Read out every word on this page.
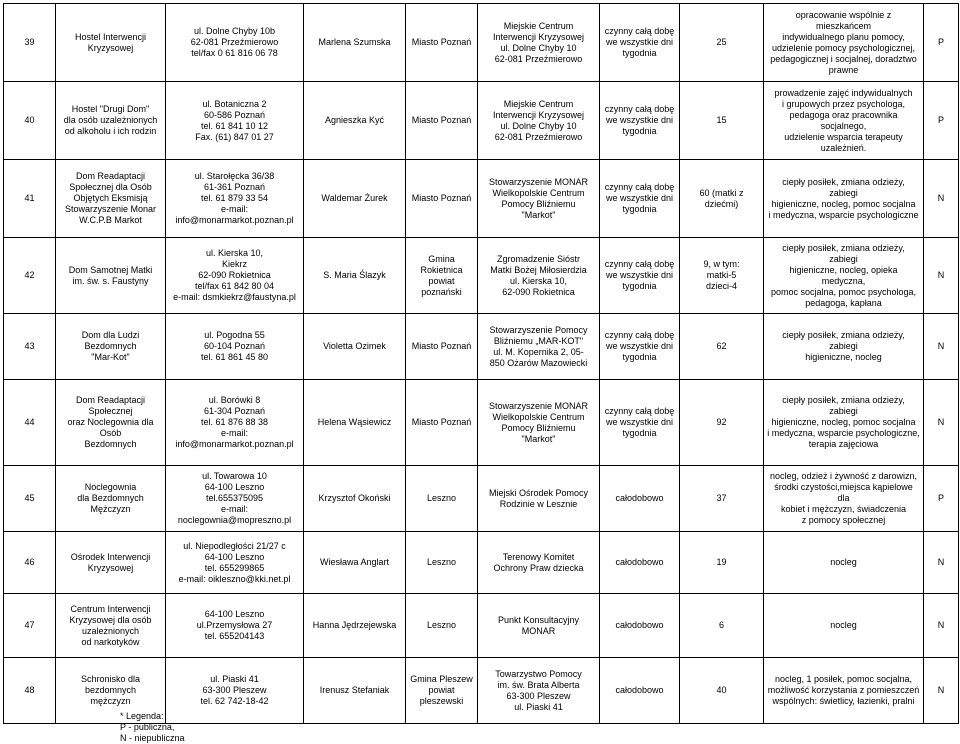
39	Hostel Interwencji
Kryzysowej	ul. Dolne Chyby 10b
62-081 Przeźmierowo
tel/fax 0 61 816 06 78	Marlena Szumska	Miasto Poznań	Miejskie Centrum
Interwencji Kryzysowej
ul. Dolne Chyby 10
62-081 Przeźmierowo	czynny całą dobę
we wszystkie dni
tygodnia	25	opracowanie wspólnie z mieszkańcem
indywidualnego planu pomocy,
udzielenie pomocy psychologicznej,
pedagogicznej i socjalnej, doradztwo
prawne	P
40	Hostel "Drugi Dom"
dla osób uzależnionych
od alkoholu i ich rodzin	ul. Botaniczna 2
60-586 Poznań
tel. 61 841 10 12
Fax. (61) 847 01 27	Agnieszka Kyć	Miasto Poznań	Miejskie Centrum
Interwencji Kryzysowej
ul. Dolne Chyby 10
62-081 Przeźmierowo	czynny całą dobę
we wszystkie dni
tygodnia	15	prowadzenie zajęć indywidualnych
i grupowych przez psychologa,
pedagoga oraz pracownika socjalnego,
udzielenie wsparcia terapeuty
uzależnień.	P
41	Dom Readaptacji
Społecznej dla Osób
Objętych Eksmisją
Stowarzyszenie Monar
W.C.P.B Markot	ul. Starołęcka 36/38
61-361 Poznań
tel. 61 879 33 54
e-mail:
info@monarmarkot.poznan.pl	Waldemar Żurek	Miasto Poznań	Stowarzyszenie MONAR
Wielkopolskie Centrum
Pomocy Bliźniemu
"Markot"	czynny całą dobę
we wszystkie dni
tygodnia	60 (matki z dziećmi)	ciepły posiłek, zmiana odzieży, zabiegi
higieniczne, nocleg, pomoc socjalna
i medyczna, wsparcie psychologiczne	N
42	Dom Samotnej Matki
im. św. s. Faustyny	ul. Kierska 10,
Kiekrz
62-090 Rokietnica
tel/fax 61 842 80 04
e-mail: dsmkiekrz@faustyna.pl	S. Maria Ślazyk	Gmina Rokietnica
powiat poznański	Zgromadzenie Sióstr
Matki Bożej Miłosierdzia
ul. Kierska 10,
62-090 Rokietnica	czynny całą dobę
we wszystkie dni
tygodnia	9, w tym:
matki-5
dzieci-4	ciepły posiłek, zmiana odzieży, zabiegi
higieniczne, nocleg, opieka medyczna,
pomoc socjalna, pomoc psychologa,
pedagoga, kapłana	N
43	Dom dla Ludzi Bezdomnych
"Mar-Kot"	ul. Pogodna 55
60-104 Poznań
tel. 61 861 45 80	Violetta Ozimek	Miasto Poznań	Stowarzyszenie Pomocy
Bliźniemu „MAR-KOT"
ul. M. Kopernika 2, 05-
850 Ożarów Mazowiecki	czynny całą dobę
we wszystkie dni
tygodnia	62	ciepły posiłek, zmiana odzieży, zabiegi
higieniczne, nocleg	N
44	Dom Readaptacji
Społecznej
oraz Noclegownia dla Osób
Bezdomnych	ul. Borówki 8
61-304 Poznań
tel. 61 876 88 38
e-mail:
info@monarmarkot.poznan.pl	Helena Wąsiewicz	Miasto Poznań	Stowarzyszenie MONAR
Wielkopolskie Centrum
Pomocy Bliźniemu
"Markot"	czynny całą dobę
we wszystkie dni
tygodnia	92	ciepły posiłek, zmiana odzieży, zabiegi
higieniczne, nocleg, pomoc socjalna
i medyczna, wsparcie psychologiczne,
terapia zajęciowa	N
45	Noclegownia
dla Bezdomnych Mężczyzn	ul. Towarowa 10
64-100 Leszno
tel.655375095
e-mail:
noclegownia@mopreszno.pl	Krzysztof Okoński	Leszno	Miejski Ośrodek Pomocy
Rodzinie w Lesznie	całodobowo	37	nocleg, odzież i żywność z darowizn,
środki czystości,miejsca kąpielowe dla
kobiet i mężczyzn, świadczenia
z pomocy społecznej	P
46	Ośrodek Interwencji
Kryzysowej	ul. Niepodległości 21/27 c
64-100 Leszno
tel. 655299865
e-mail: oikleszno@kki.net.pl	Wiesława Anglart	Leszno	Terenowy Komitet
Ochrony Praw dziecka	całodobowo	19	nocleg	N
47	Centrum Interwencji
Kryzysowej dla osób
uzależnionych
od narkotyków	64-100 Leszno
ul.Przemysłowa 27
tel. 655204143	Hanna Jędrzejewska	Leszno	Punkt Konsultacyjny
MONAR	całodobowo	6	nocleg	N
48	Schronisko dla bezdomnych
mężczyzn	ul. Piaski 41
63-300 Pleszew
tel. 62 742-18-42	Irenusz Stefaniak	Gmina Pleszew
powiat pleszewski	Towarzystwo Pomocy
im. św. Brata Alberta
63-300 Pleszew
ul. Piaski 41	całodobowo	40	nocleg, 1 posiłek, pomoc socjalna,
możliwość korzystania z pomieszczeń
wspólnych: świetlicy, łazienki, pralni	N
* Legenda:
P - publiczna,
N - niepubliczna
